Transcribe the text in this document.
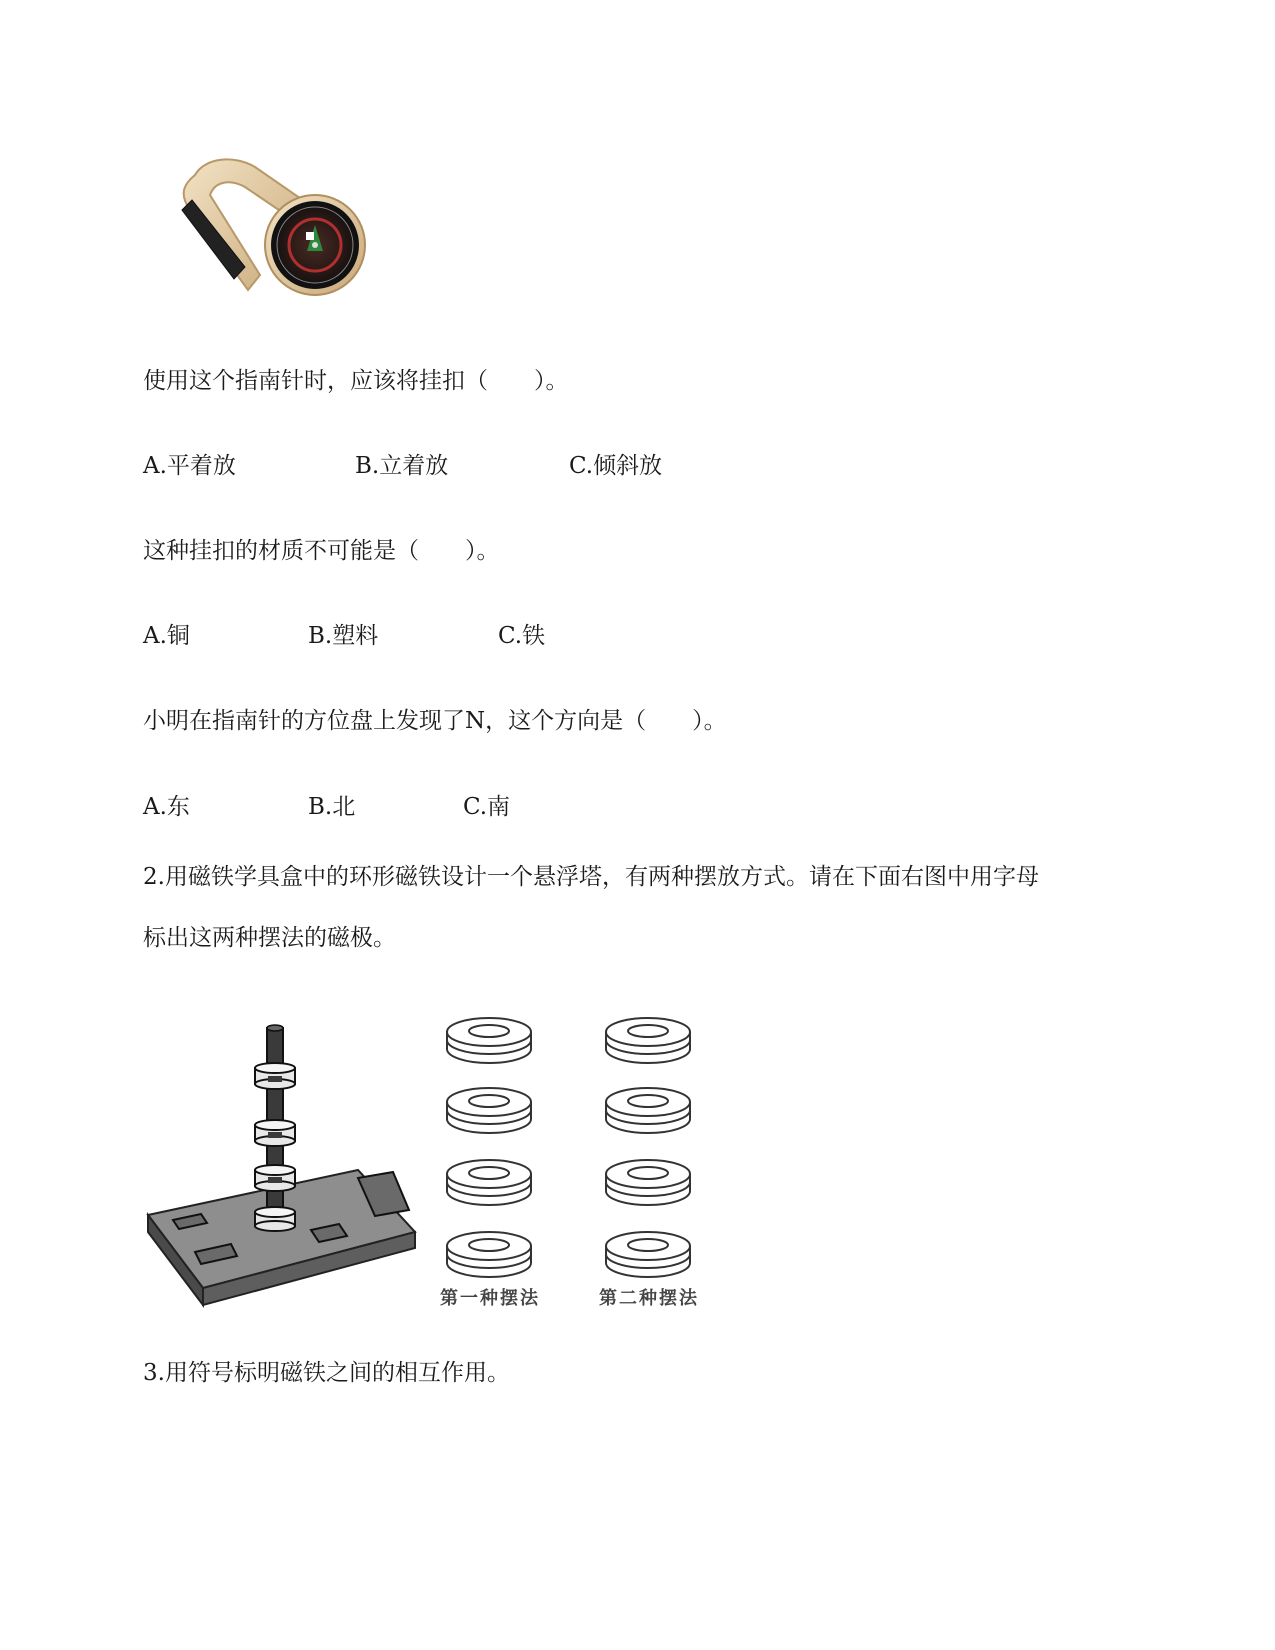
使用这个指南针时，应该将挂扣（　　）。
A.平着放	B.立着放	C.倾斜放
这种挂扣的材质不可能是（　　）。
A.铜	B.塑料	C.铁
小明在指南针的方位盘上发现了N，这个方向是（　　）。
A.东	B.北	C.南
2.用磁铁学具盒中的环形磁铁设计一个悬浮塔，有两种摆放方式。请在下面右图中用字母
标出这两种摆法的磁极。
第一种摆法	第二种摆法
3.用符号标明磁铁之间的相互作用。
